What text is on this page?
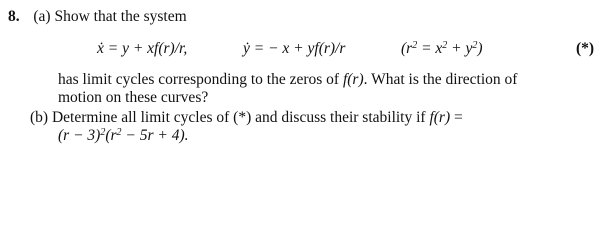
8. (a) Show that the system
ẋ = y + xf(r)/r,	ẏ = − x + yf(r)/r	$(r^2 = x^2 + y^2)$	(*)
has limit cycles corresponding to the zeros of f(r). What is the direction of
motion on these curves?
(b) Determine all limit cycles of (*) and discuss their stability if f(r) =
$(r - 3)^2(r^2 - 5r + 4)$.
